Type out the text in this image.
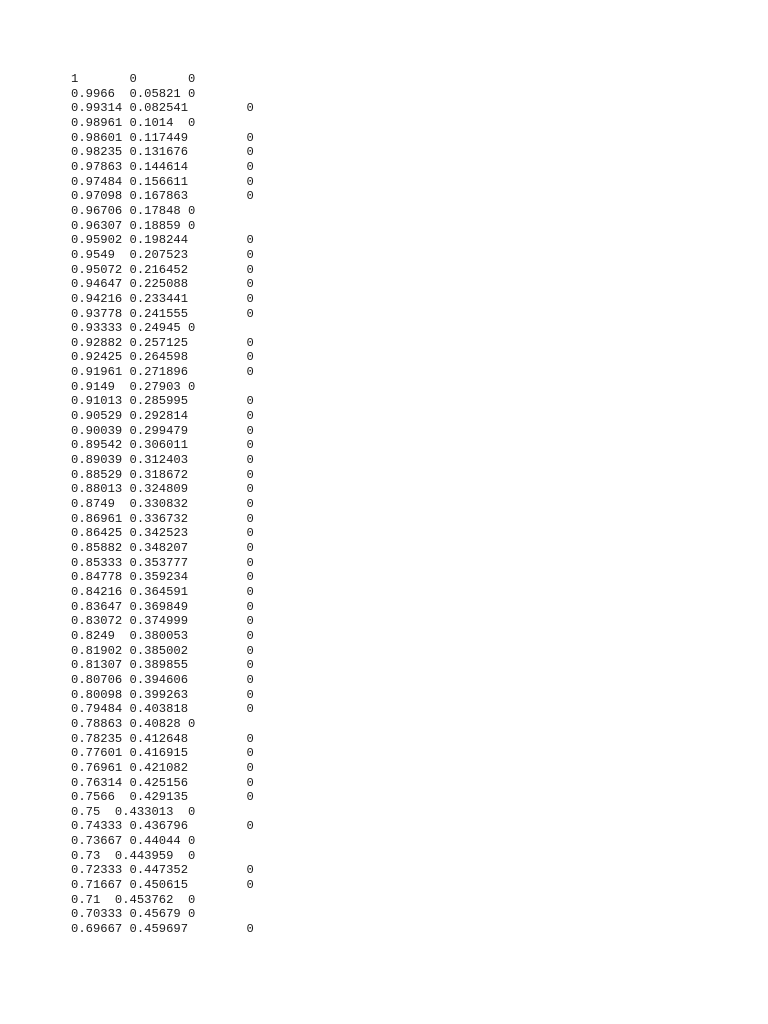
1	0	0
0.9966	0.05821	0
0.99314	0.082541	0
0.98961	0.1014	0
0.98601	0.117449	0
0.98235	0.131676	0
0.97863	0.144614	0
0.97484	0.156611	0
0.97098	0.167863	0
0.96706	0.17848	0
0.96307	0.18859	0
0.95902	0.198244	0
0.9549	0.207523	0
0.95072	0.216452	0
0.94647	0.225088	0
0.94216	0.233441	0
0.93778	0.241555	0
0.93333	0.24945	0
0.92882	0.257125	0
0.92425	0.264598	0
0.91961	0.271896	0
0.9149	0.27903	0
0.91013	0.285995	0
0.90529	0.292814	0
0.90039	0.299479	0
0.89542	0.306011	0
0.89039	0.312403	0
0.88529	0.318672	0
0.88013	0.324809	0
0.8749	0.330832	0
0.86961	0.336732	0
0.86425	0.342523	0
0.85882	0.348207	0
0.85333	0.353777	0
0.84778	0.359234	0
0.84216	0.364591	0
0.83647	0.369849	0
0.83072	0.374999	0
0.8249	0.380053	0
0.81902	0.385002	0
0.81307	0.389855	0
0.80706	0.394606	0
0.80098	0.399263	0
0.79484	0.403818	0
0.78863	0.40828	0
0.78235	0.412648	0
0.77601	0.416915	0
0.76961	0.421082	0
0.76314	0.425156	0
0.7566	0.429135	0
0.75  0.433013	0
0.74333	0.436796	0
0.73667	0.44044	0
0.73  0.443959	0
0.72333	0.447352	0
0.71667	0.450615	0
0.71  0.453762	0
0.70333	0.45679	0
0.69667	0.459697	0
